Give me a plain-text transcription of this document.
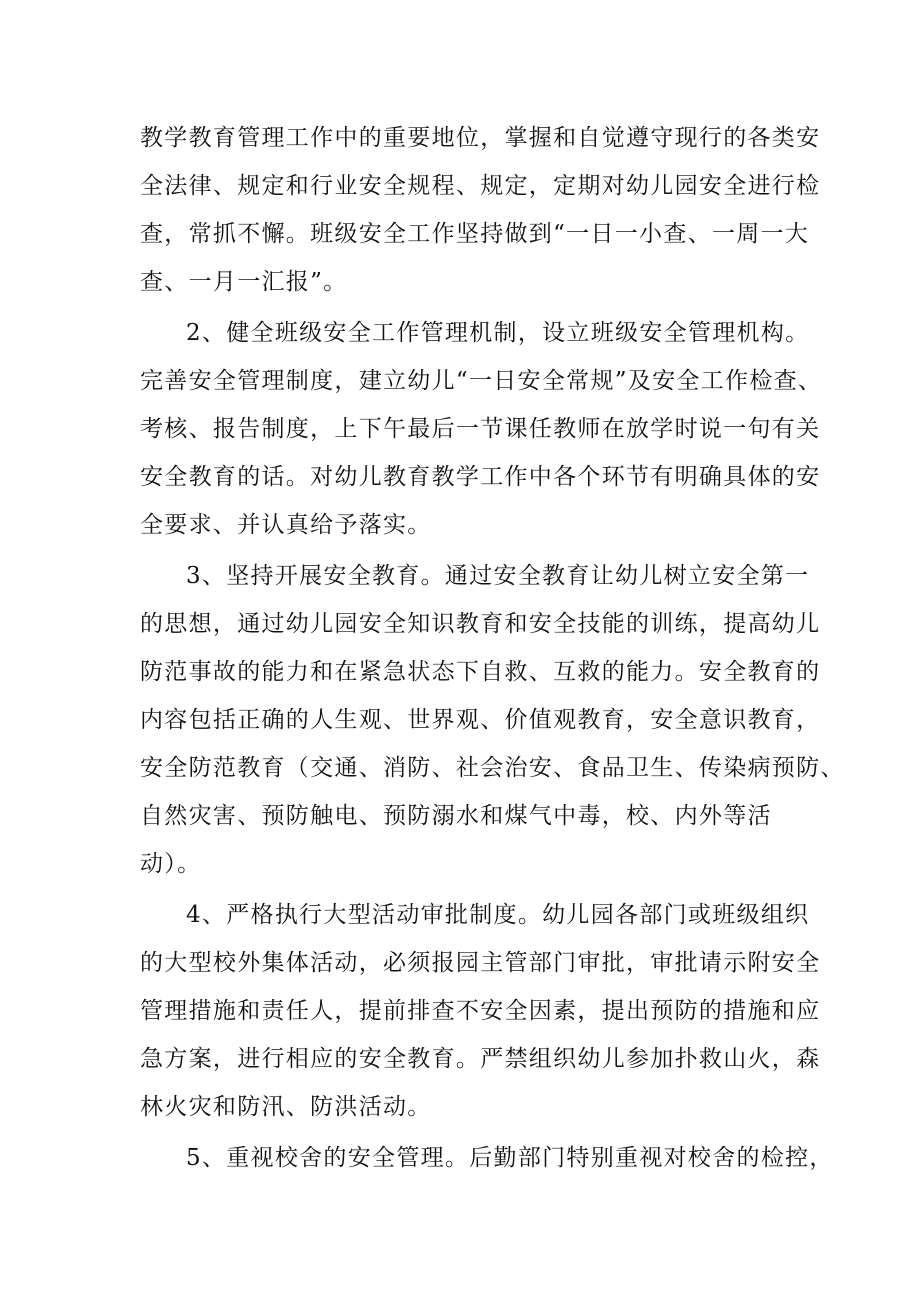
教学教育管理工作中的重要地位，掌握和自觉遵守现行的各类安
全法律、规定和行业安全规程、规定，定期对幼儿园安全进行检
查，常抓不懈。班级安全工作坚持做到“一日一小查、一周一大
查、一月一汇报”。
2、健全班级安全工作管理机制，设立班级安全管理机构。
完善安全管理制度，建立幼儿“一日安全常规”及安全工作检查、
考核、报告制度，上下午最后一节课任教师在放学时说一句有关
安全教育的话。对幼儿教育教学工作中各个环节有明确具体的安
全要求、并认真给予落实。
3、坚持开展安全教育。通过安全教育让幼儿树立安全第一
的思想，通过幼儿园安全知识教育和安全技能的训练，提高幼儿
防范事故的能力和在紧急状态下自救、互救的能力。安全教育的
内容包括正确的人生观、世界观、价值观教育，安全意识教育，
安全防范教育（交通、消防、社会治安、食品卫生、传染病预防、
自然灾害、预防触电、预防溺水和煤气中毒，校、内外等活
动）。
4、严格执行大型活动审批制度。幼儿园各部门或班级组织
的大型校外集体活动，必须报园主管部门审批，审批请示附安全
管理措施和责任人，提前排查不安全因素，提出预防的措施和应
急方案，进行相应的安全教育。严禁组织幼儿参加扑救山火，森
林火灾和防汛、防洪活动。
5、重视校舍的安全管理。后勤部门特别重视对校舍的检控，
